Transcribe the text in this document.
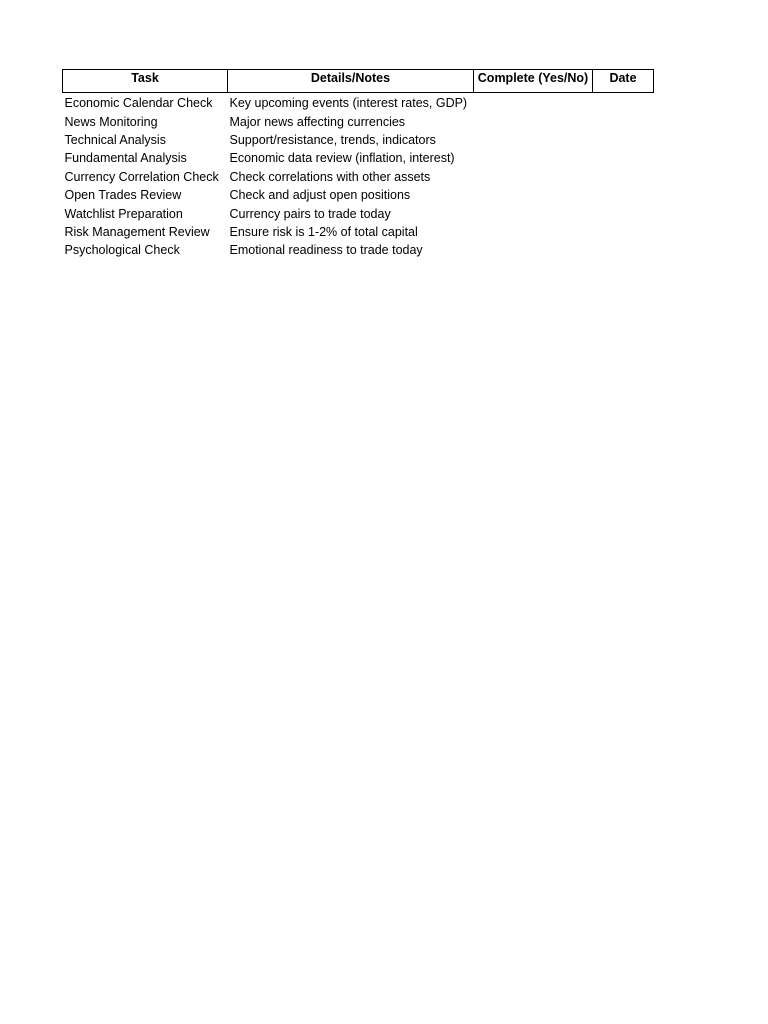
Task	Details/Notes	Complete (Yes/No)	Date
Economic Calendar Check	Key upcoming events (interest rates, GDP)		
News Monitoring	Major news affecting currencies		
Technical Analysis	Support/resistance, trends, indicators		
Fundamental Analysis	Economic data review (inflation, interest)		
Currency Correlation Check	Check correlations with other assets		
Open Trades Review	Check and adjust open positions		
Watchlist Preparation	Currency pairs to trade today		
Risk Management Review	Ensure risk is 1-2% of total capital		
Psychological Check	Emotional readiness to trade today		
